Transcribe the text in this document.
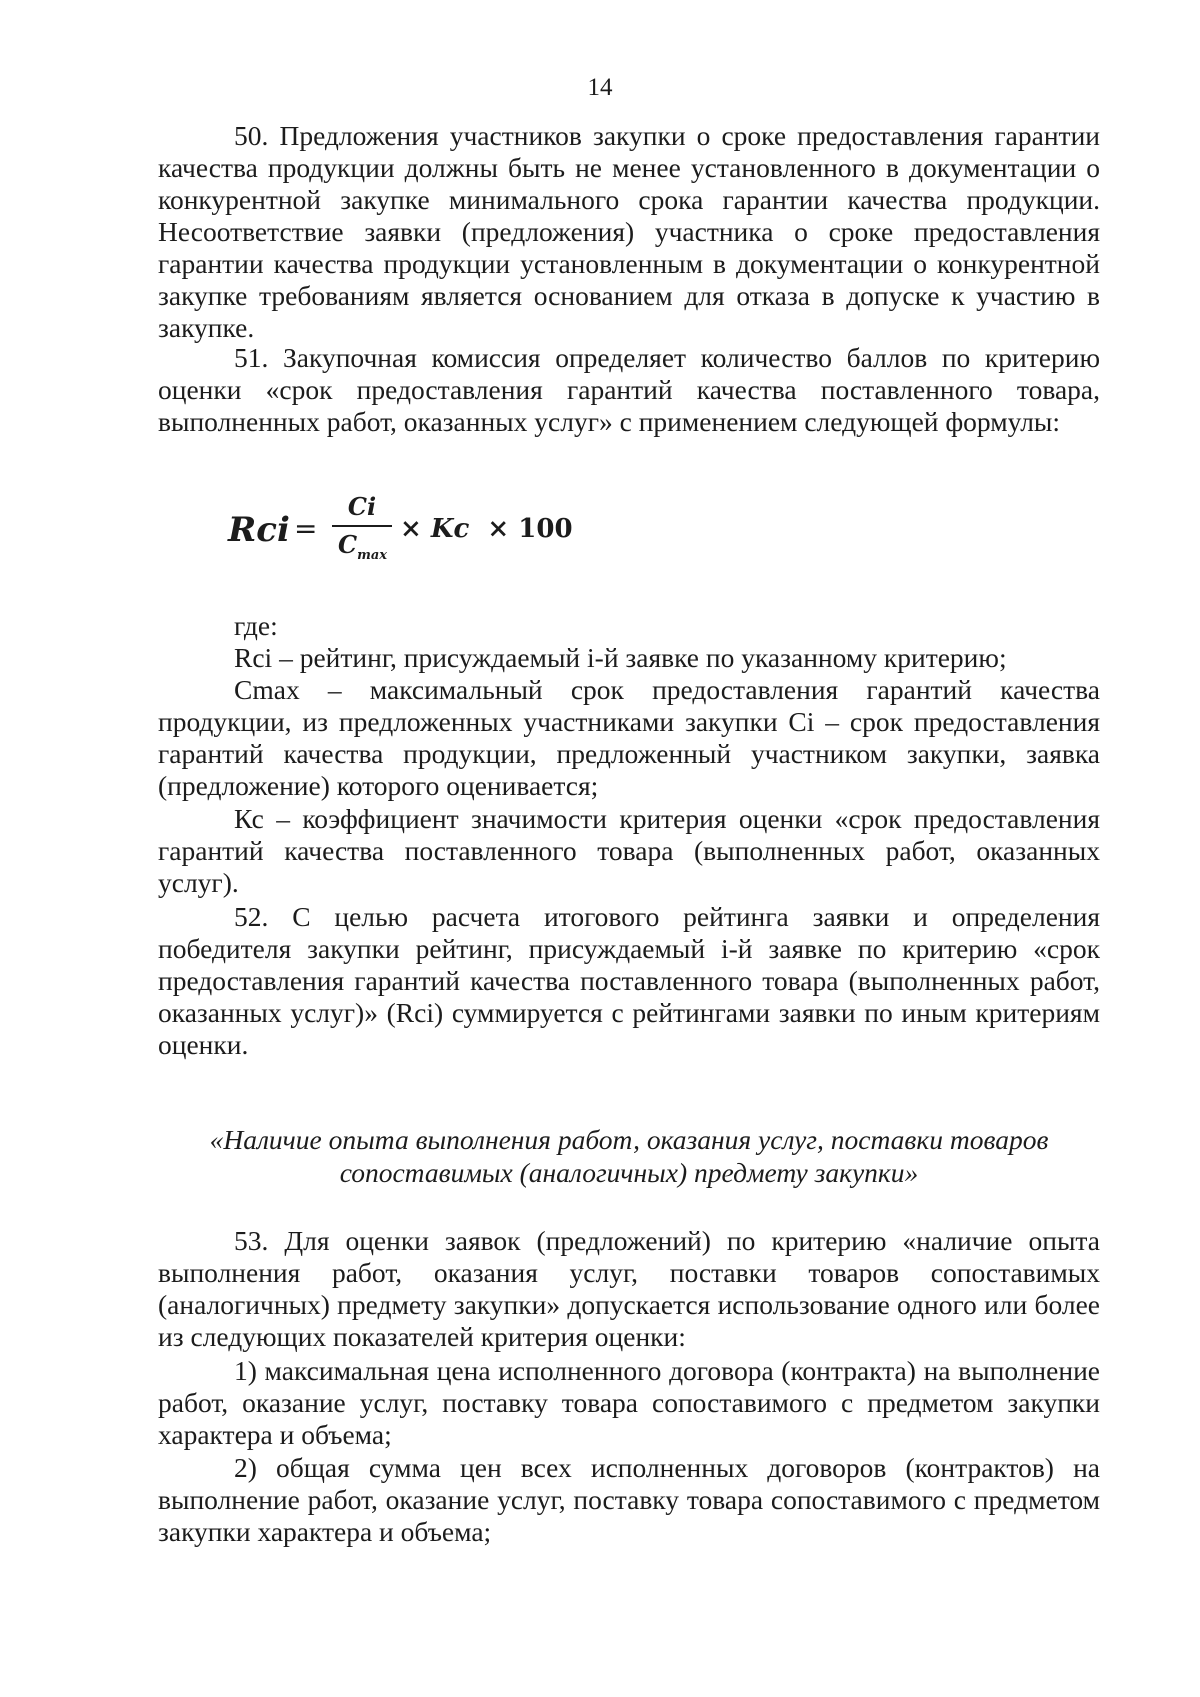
14

50. Предложения участников закупки о сроке предоставления гарантии качества продукции должны быть не менее установленного в документации о конкурентной закупке минимального срока гарантии качества продукции. Несоответствие заявки (предложения) участника о сроке предоставления гарантии качества продукции установленным в документации о конкурентной закупке требованиям является основанием для отказа в допуске к участию в закупке.

51. Закупочная комиссия определяет количество баллов по критерию оценки «срок предоставления гарантий качества поставленного товара, выполненных работ, оказанных услуг» с применением следующей формулы:

Rci =
Ci
$C_{max}$
× Kc × 100

где:

Rci – рейтинг, присуждаемый i-й заявке по указанному критерию;

Cmax – максимальный срок предоставления гарантий качества продукции, из предложенных участниками закупки Ci – срок предоставления гарантий качества продукции, предложенный участником закупки, заявка (предложение) которого оценивается;

Кс – коэффициент значимости критерия оценки «срок предоставления гарантий качества поставленного товара (выполненных работ, оказанных услуг).

52. С целью расчета итогового рейтинга заявки и определения победителя закупки рейтинг, присуждаемый i-й заявке по критерию «срок предоставления гарантий качества поставленного товара (выполненных работ, оказанных услуг)» (Rci) суммируется с рейтингами заявки по иным критериям оценки.

«Наличие опыта выполнения работ, оказания услуг, поставки товаров
сопоставимых (аналогичных) предмету закупки»

53. Для оценки заявок (предложений) по критерию «наличие опыта выполнения работ, оказания услуг, поставки товаров сопоставимых (аналогичных) предмету закупки» допускается использование одного или более из следующих показателей критерия оценки:

1) максимальная цена исполненного договора (контракта) на выполнение работ, оказание услуг, поставку товара сопоставимого с предметом закупки характера и объема;

2) общая сумма цен всех исполненных договоров (контрактов) на выполнение работ, оказание услуг, поставку товара сопоставимого с предметом закупки характера и объема;
